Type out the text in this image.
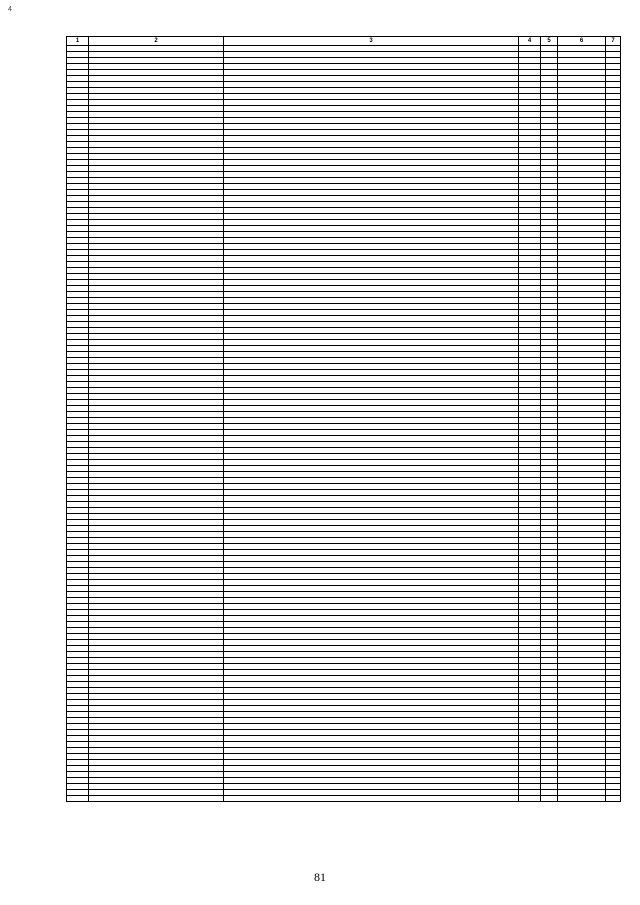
4
1	2	3	4	5	6	7

81
